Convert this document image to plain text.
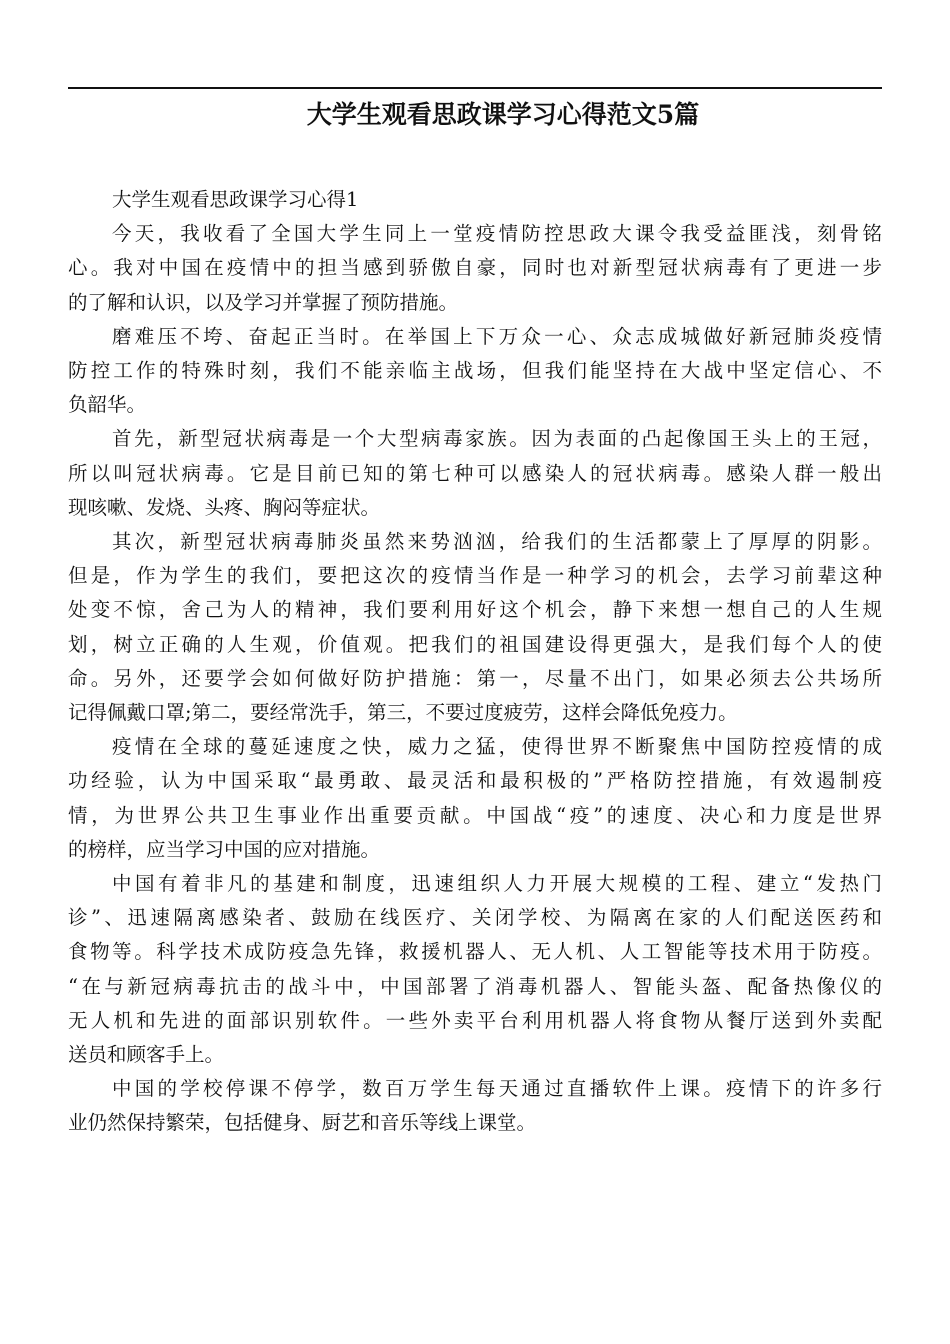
大学生观看思政课学习心得范文5篇
大学生观看思政课学习心得1
今天，我收看了全国大学生同上一堂疫情防控思政大课令我受益匪浅，刻骨铭
心。我对中国在疫情中的担当感到骄傲自豪，同时也对新型冠状病毒有了更进一步
的了解和认识，以及学习并掌握了预防措施。
磨难压不垮、奋起正当时。在举国上下万众一心、众志成城做好新冠肺炎疫情
防控工作的特殊时刻，我们不能亲临主战场，但我们能坚持在大战中坚定信心、不
负韶华。
首先，新型冠状病毒是一个大型病毒家族。因为表面的凸起像国王头上的王冠，
所以叫冠状病毒。它是目前已知的第七种可以感染人的冠状病毒。感染人群一般出
现咳嗽、发烧、头疼、胸闷等症状。
其次，新型冠状病毒肺炎虽然来势汹汹，给我们的生活都蒙上了厚厚的阴影。
但是，作为学生的我们，要把这次的疫情当作是一种学习的机会，去学习前辈这种
处变不惊，舍己为人的精神，我们要利用好这个机会，静下来想一想自己的人生规
划，树立正确的人生观，价值观。把我们的祖国建设得更强大，是我们每个人的使
命。另外，还要学会如何做好防护措施：第一，尽量不出门，如果必须去公共场所
记得佩戴口罩;第二，要经常洗手，第三，不要过度疲劳，这样会降低免疫力。
疫情在全球的蔓延速度之快，威力之猛，使得世界不断聚焦中国防控疫情的成
功经验，认为中国采取“最勇敢、最灵活和最积极的”严格防控措施，有效遏制疫
情，为世界公共卫生事业作出重要贡献。中国战“疫”的速度、决心和力度是世界
的榜样，应当学习中国的应对措施。
中国有着非凡的基建和制度，迅速组织人力开展大规模的工程、建立“发热门
诊”、迅速隔离感染者、鼓励在线医疗、关闭学校、为隔离在家的人们配送医药和
食物等。科学技术成防疫急先锋，救援机器人、无人机、人工智能等技术用于防疫。
“在与新冠病毒抗击的战斗中，中国部署了消毒机器人、智能头盔、配备热像仪的
无人机和先进的面部识别软件。一些外卖平台利用机器人将食物从餐厅送到外卖配
送员和顾客手上。
中国的学校停课不停学，数百万学生每天通过直播软件上课。疫情下的许多行
业仍然保持繁荣，包括健身、厨艺和音乐等线上课堂。
